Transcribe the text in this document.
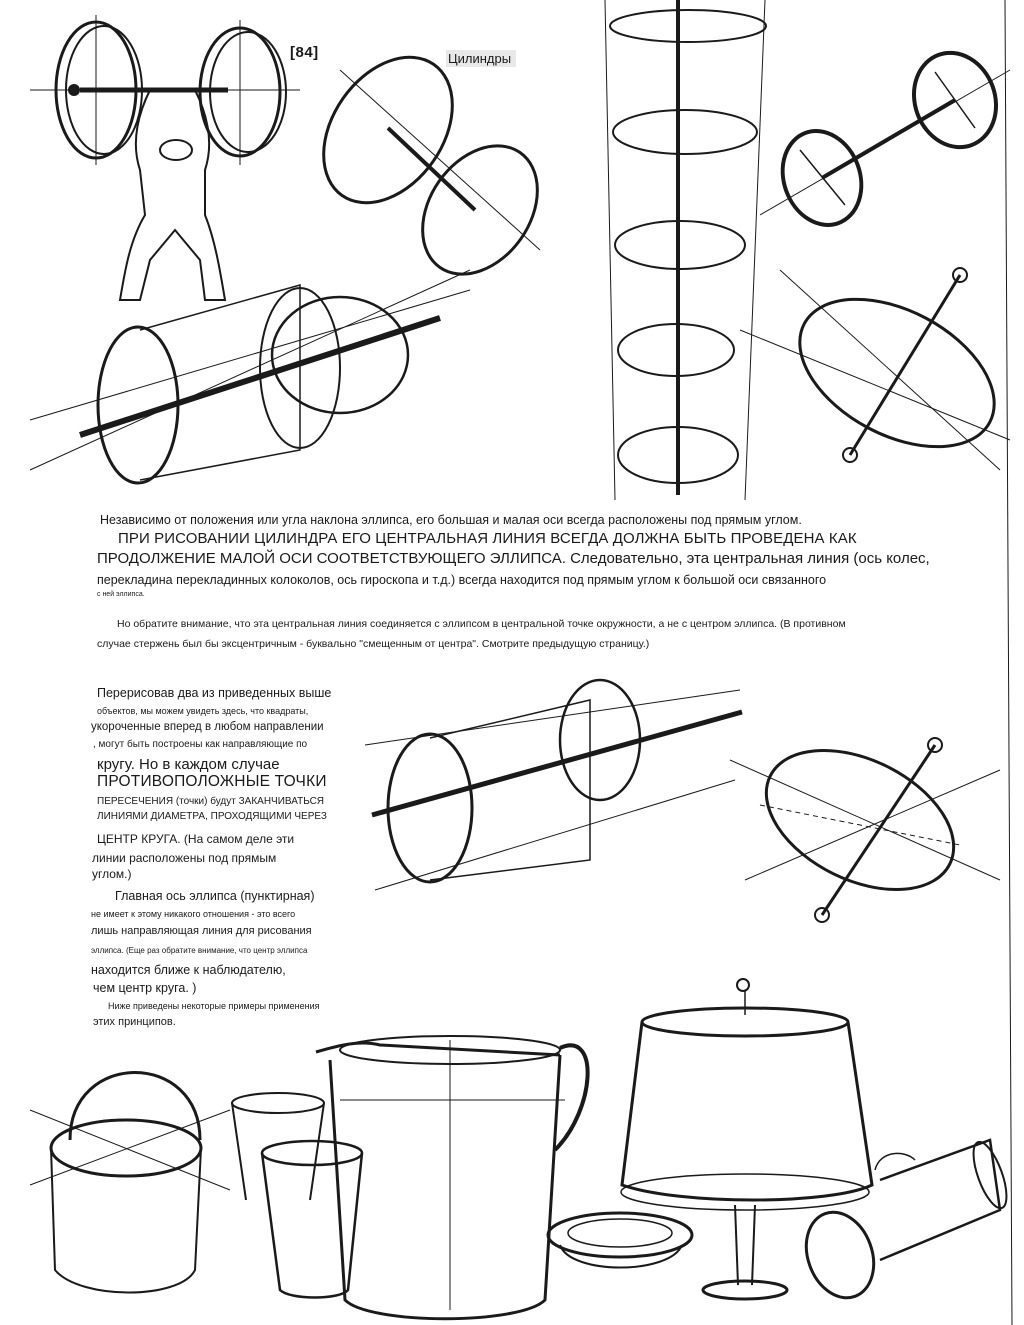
[84]	Цилиндры

Независимо от положения или угла наклона эллипса, его большая и малая оси всегда расположены под прямым углом.

ПРИ РИСОВАНИИ ЦИЛИНДРА ЕГО ЦЕНТРАЛЬНАЯ ЛИНИЯ ВСЕГДА ДОЛЖНА БЫТЬ ПРОВЕДЕНА КАК

ПРОДОЛЖЕНИЕ МАЛОЙ ОСИ СООТВЕТСТВУЮЩЕГО ЭЛЛИПСА. Следовательно, эта центральная линия (ось колес,

перекладина перекладинных колоколов, ось гироскопа и т.д.) всегда находится под прямым углом к большой оси связанного

с ней эллипса.

Но обратите внимание, что эта центральная линия соединяется с эллипсом в центральной точке окружности, а не с центром эллипса. (В противном

случае стержень был бы эксцентричным - буквально "смещенным от центра". Смотрите предыдущую страницу.)

Перерисовав два из приведенных выше

объектов, мы можем увидеть здесь, что квадраты,

укороченные вперед в любом направлении

, могут быть построены как направляющие по

кругу. Но в каждом случае

ПРОТИВОПОЛОЖНЫЕ ТОЧКИ

ПЕРЕСЕЧЕНИЯ (точки) будут ЗАКАНЧИВАТЬСЯ

ЛИНИЯМИ ДИАМЕТРА, ПРОХОДЯЩИМИ ЧЕРЕЗ

ЦЕНТР КРУГА. (На самом деле эти

линии расположены под прямым

углом.)

Главная ось эллипса (пунктирная)

не имеет к этому никакого отношения - это всего

лишь направляющая линия для рисования

эллипса. (Еще раз обратите внимание, что центр эллипса

находится ближе к наблюдателю,

чем центр круга. )

Ниже приведены некоторые примеры применения

этих принципов.
